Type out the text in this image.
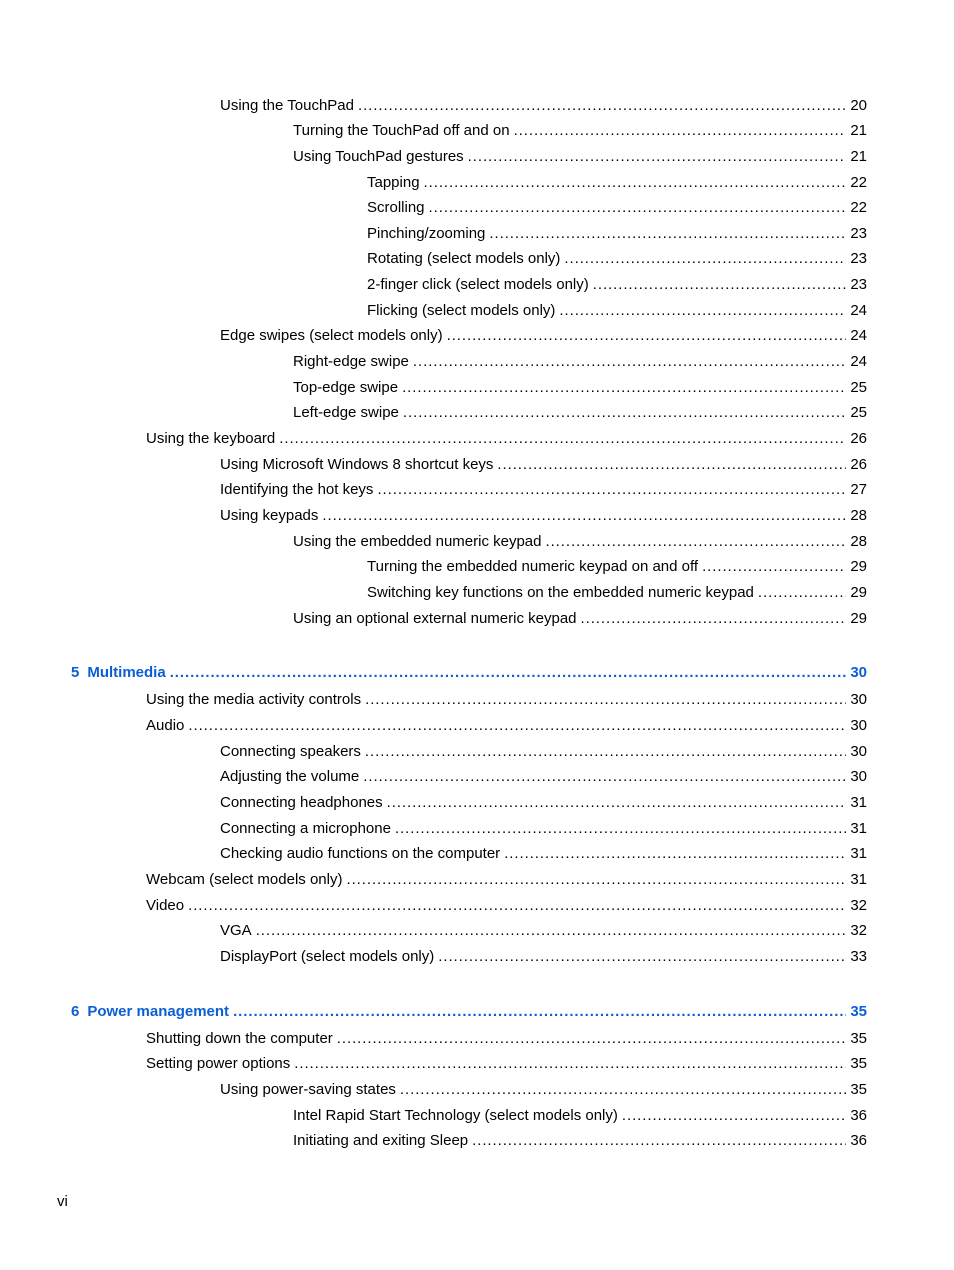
Using the TouchPad . . .	20
Turning the TouchPad off and on . . .	21
Using TouchPad gestures . . .	21
Tapping . . .	22
Scrolling . . .	22
Pinching/zooming . . .	23
Rotating (select models only) . . .	23
2-finger click (select models only) . . .	23
Flicking (select models only) . . .	24
Edge swipes (select models only) . . .	24
Right-edge swipe . . .	24
Top-edge swipe . . .	25
Left-edge swipe . . .	25
Using the keyboard . . .	26
Using Microsoft Windows 8 shortcut keys . . .	26
Identifying the hot keys . . .	27
Using keypads . . .	28
Using the embedded numeric keypad . . .	28
Turning the embedded numeric keypad on and off . . .	29
Switching key functions on the embedded numeric keypad . . .	29
Using an optional external numeric keypad . . .	29
5 Multimedia . . .	30
Using the media activity controls . . .	30
Audio . . .	30
Connecting speakers . . .	30
Adjusting the volume . . .	30
Connecting headphones . . .	31
Connecting a microphone . . .	31
Checking audio functions on the computer . . .	31
Webcam (select models only) . . .	31
Video . . .	32
VGA . . .	32
DisplayPort (select models only) . . .	33
6 Power management . . .	35
Shutting down the computer . . .	35
Setting power options . . .	35
Using power-saving states . . .	35
Intel Rapid Start Technology (select models only) . . .	36
Initiating and exiting Sleep . . .	36
vi
